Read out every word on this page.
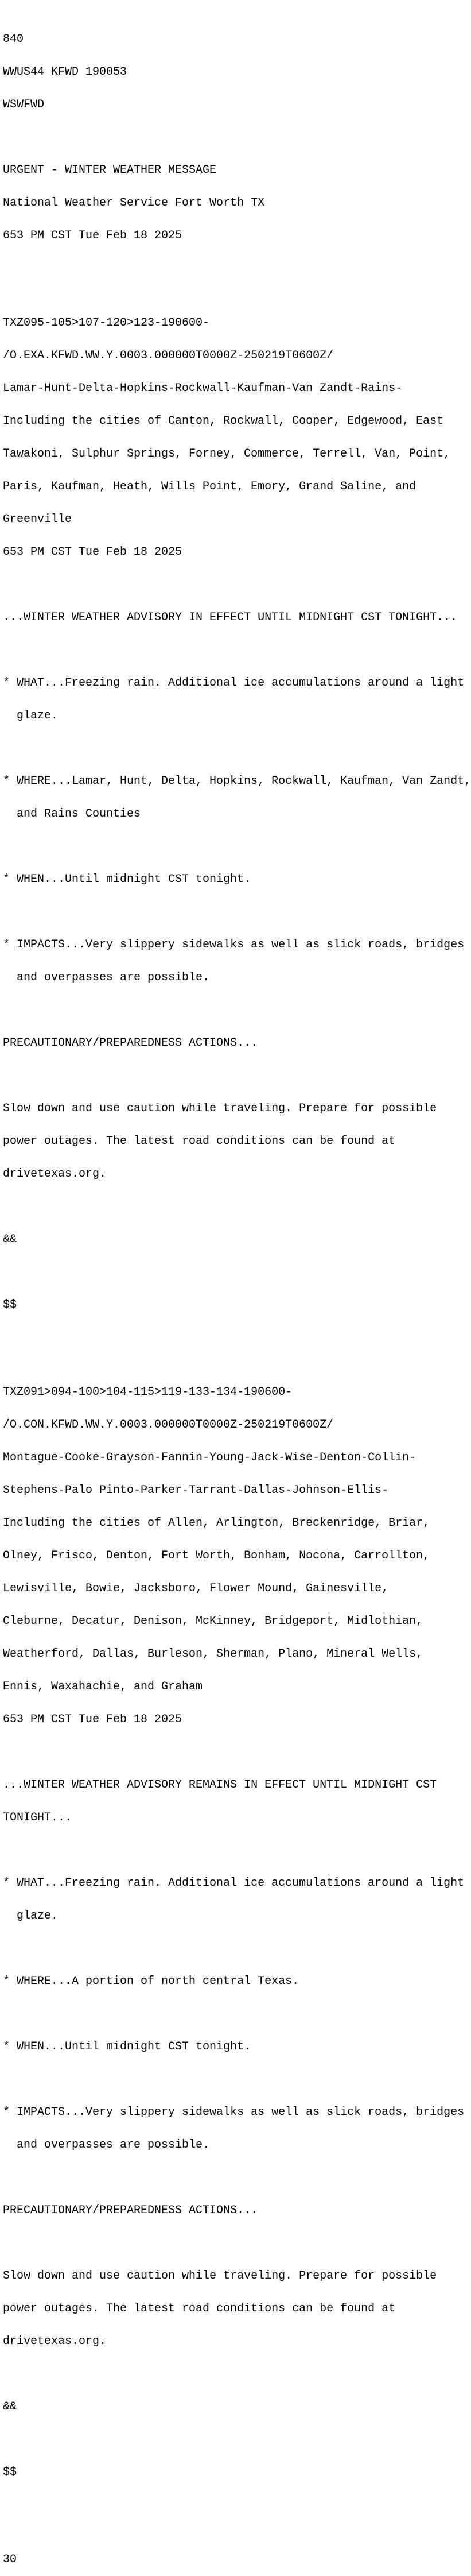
840

WWUS44 KFWD 190053

WSWFWD

URGENT - WINTER WEATHER MESSAGE

National Weather Service Fort Worth TX

653 PM CST Tue Feb 18 2025

TXZ095-105>107-120>123-190600-

/O.EXA.KFWD.WW.Y.0003.000000T0000Z-250219T0600Z/

Lamar-Hunt-Delta-Hopkins-Rockwall-Kaufman-Van Zandt-Rains-

Including the cities of Canton, Rockwall, Cooper, Edgewood, East

Tawakoni, Sulphur Springs, Forney, Commerce, Terrell, Van, Point,

Paris, Kaufman, Heath, Wills Point, Emory, Grand Saline, and

Greenville

653 PM CST Tue Feb 18 2025

...WINTER WEATHER ADVISORY IN EFFECT UNTIL MIDNIGHT CST TONIGHT...

* WHAT...Freezing rain. Additional ice accumulations around a light

glaze.

* WHERE...Lamar, Hunt, Delta, Hopkins, Rockwall, Kaufman, Van Zandt,

and Rains Counties

* WHEN...Until midnight CST tonight.

* IMPACTS...Very slippery sidewalks as well as slick roads, bridges

and overpasses are possible.

PRECAUTIONARY/PREPAREDNESS ACTIONS...

Slow down and use caution while traveling. Prepare for possible

power outages. The latest road conditions can be found at

drivetexas.org.

&&

$$

TXZ091>094-100>104-115>119-133-134-190600-

/O.CON.KFWD.WW.Y.0003.000000T0000Z-250219T0600Z/

Montague-Cooke-Grayson-Fannin-Young-Jack-Wise-Denton-Collin-

Stephens-Palo Pinto-Parker-Tarrant-Dallas-Johnson-Ellis-

Including the cities of Allen, Arlington, Breckenridge, Briar,

Olney, Frisco, Denton, Fort Worth, Bonham, Nocona, Carrollton,

Lewisville, Bowie, Jacksboro, Flower Mound, Gainesville,

Cleburne, Decatur, Denison, McKinney, Bridgeport, Midlothian,

Weatherford, Dallas, Burleson, Sherman, Plano, Mineral Wells,

Ennis, Waxahachie, and Graham

653 PM CST Tue Feb 18 2025

...WINTER WEATHER ADVISORY REMAINS IN EFFECT UNTIL MIDNIGHT CST

TONIGHT...

* WHAT...Freezing rain. Additional ice accumulations around a light

glaze.

* WHERE...A portion of north central Texas.

* WHEN...Until midnight CST tonight.

* IMPACTS...Very slippery sidewalks as well as slick roads, bridges

and overpasses are possible.

PRECAUTIONARY/PREPAREDNESS ACTIONS...

Slow down and use caution while traveling. Prepare for possible

power outages. The latest road conditions can be found at

drivetexas.org.

&&

$$

30
